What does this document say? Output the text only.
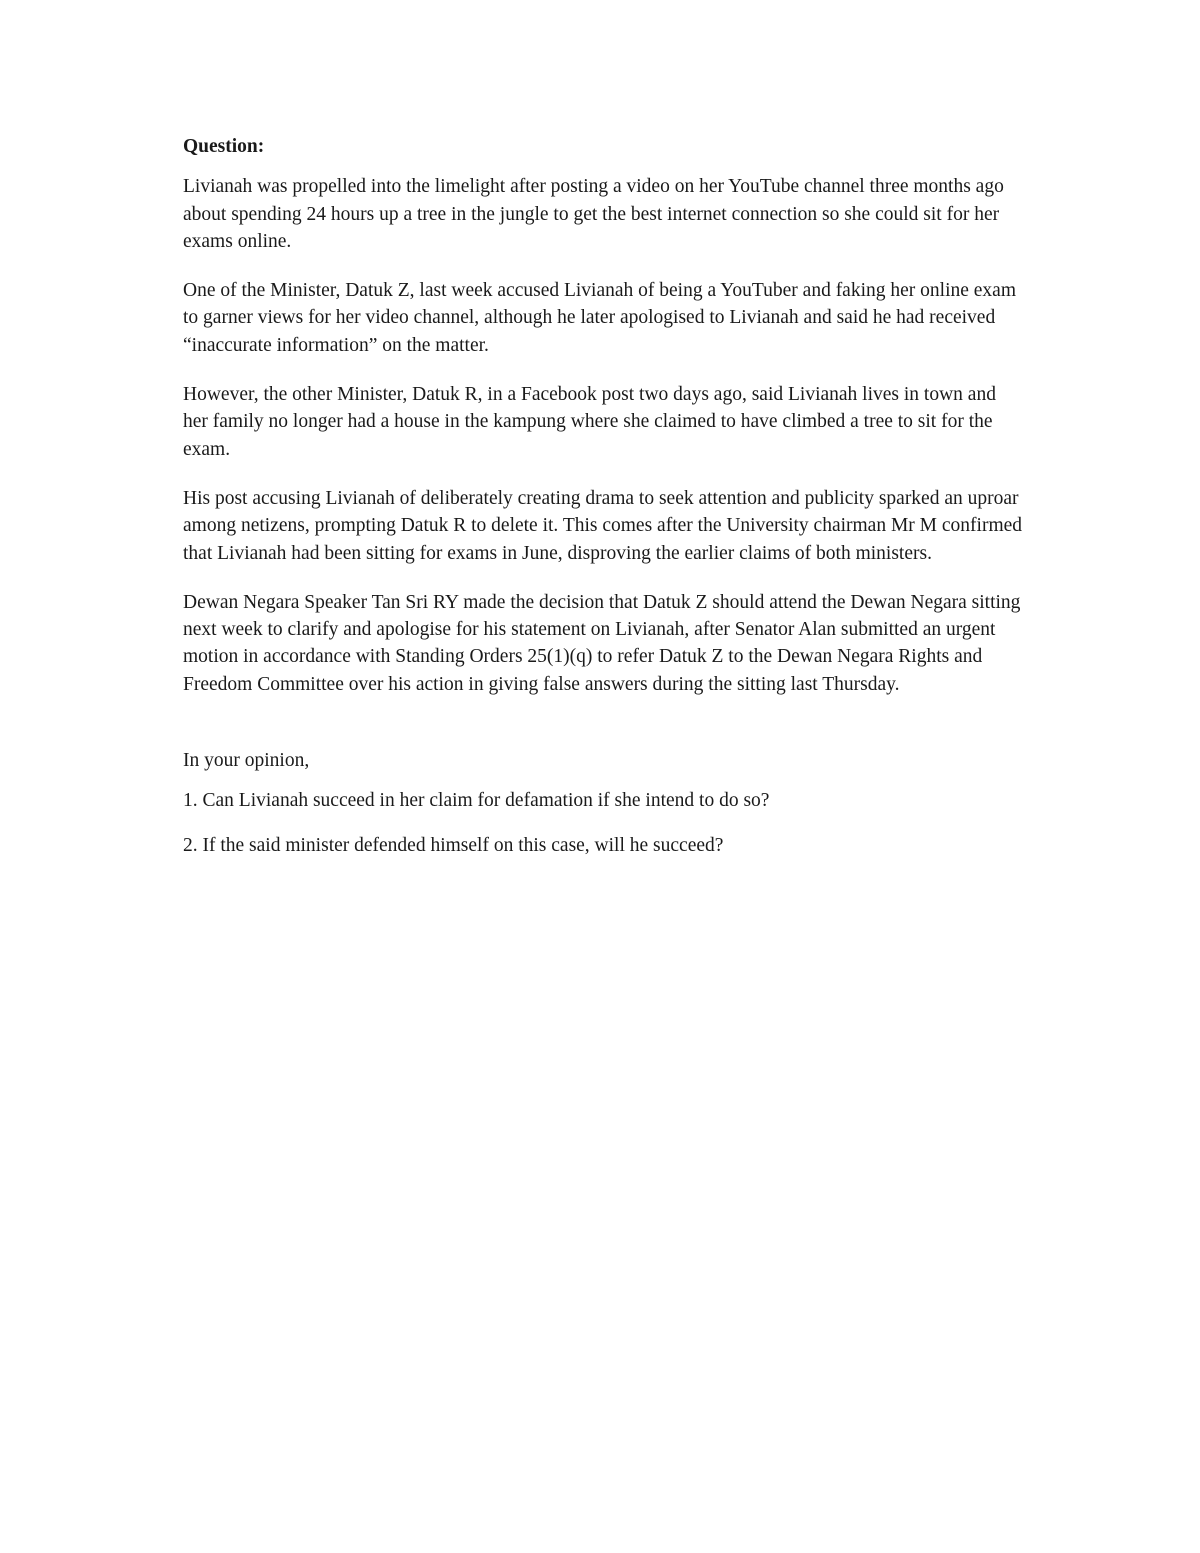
Question:

Livianah was propelled into the limelight after posting a video on her YouTube channel three months ago about spending 24 hours up a tree in the jungle to get the best internet connection so she could sit for her exams online.

One of the Minister, Datuk Z, last week accused Livianah of being a YouTuber and faking her online exam to garner views for her video channel, although he later apologised to Livianah and said he had received “inaccurate information” on the matter.

However, the other Minister, Datuk R, in a Facebook post two days ago, said Livianah lives in town and her family no longer had a house in the kampung where she claimed to have climbed a tree to sit for the exam.

His post accusing Livianah of deliberately creating drama to seek attention and publicity sparked an uproar among netizens, prompting Datuk R to delete it. This comes after the University chairman Mr M confirmed that Livianah had been sitting for exams in June, disproving the earlier claims of both ministers.

Dewan Negara Speaker Tan Sri RY made the decision that Datuk Z should attend the Dewan Negara sitting next week to clarify and apologise for his statement on Livianah, after Senator Alan submitted an urgent motion in accordance with Standing Orders 25(1)(q) to refer Datuk Z to the Dewan Negara Rights and Freedom Committee over his action in giving false answers during the sitting last Thursday.

In your opinion,

1. Can Livianah succeed in her claim for defamation if she intend to do so?

2. If the said minister defended himself on this case, will he succeed?
